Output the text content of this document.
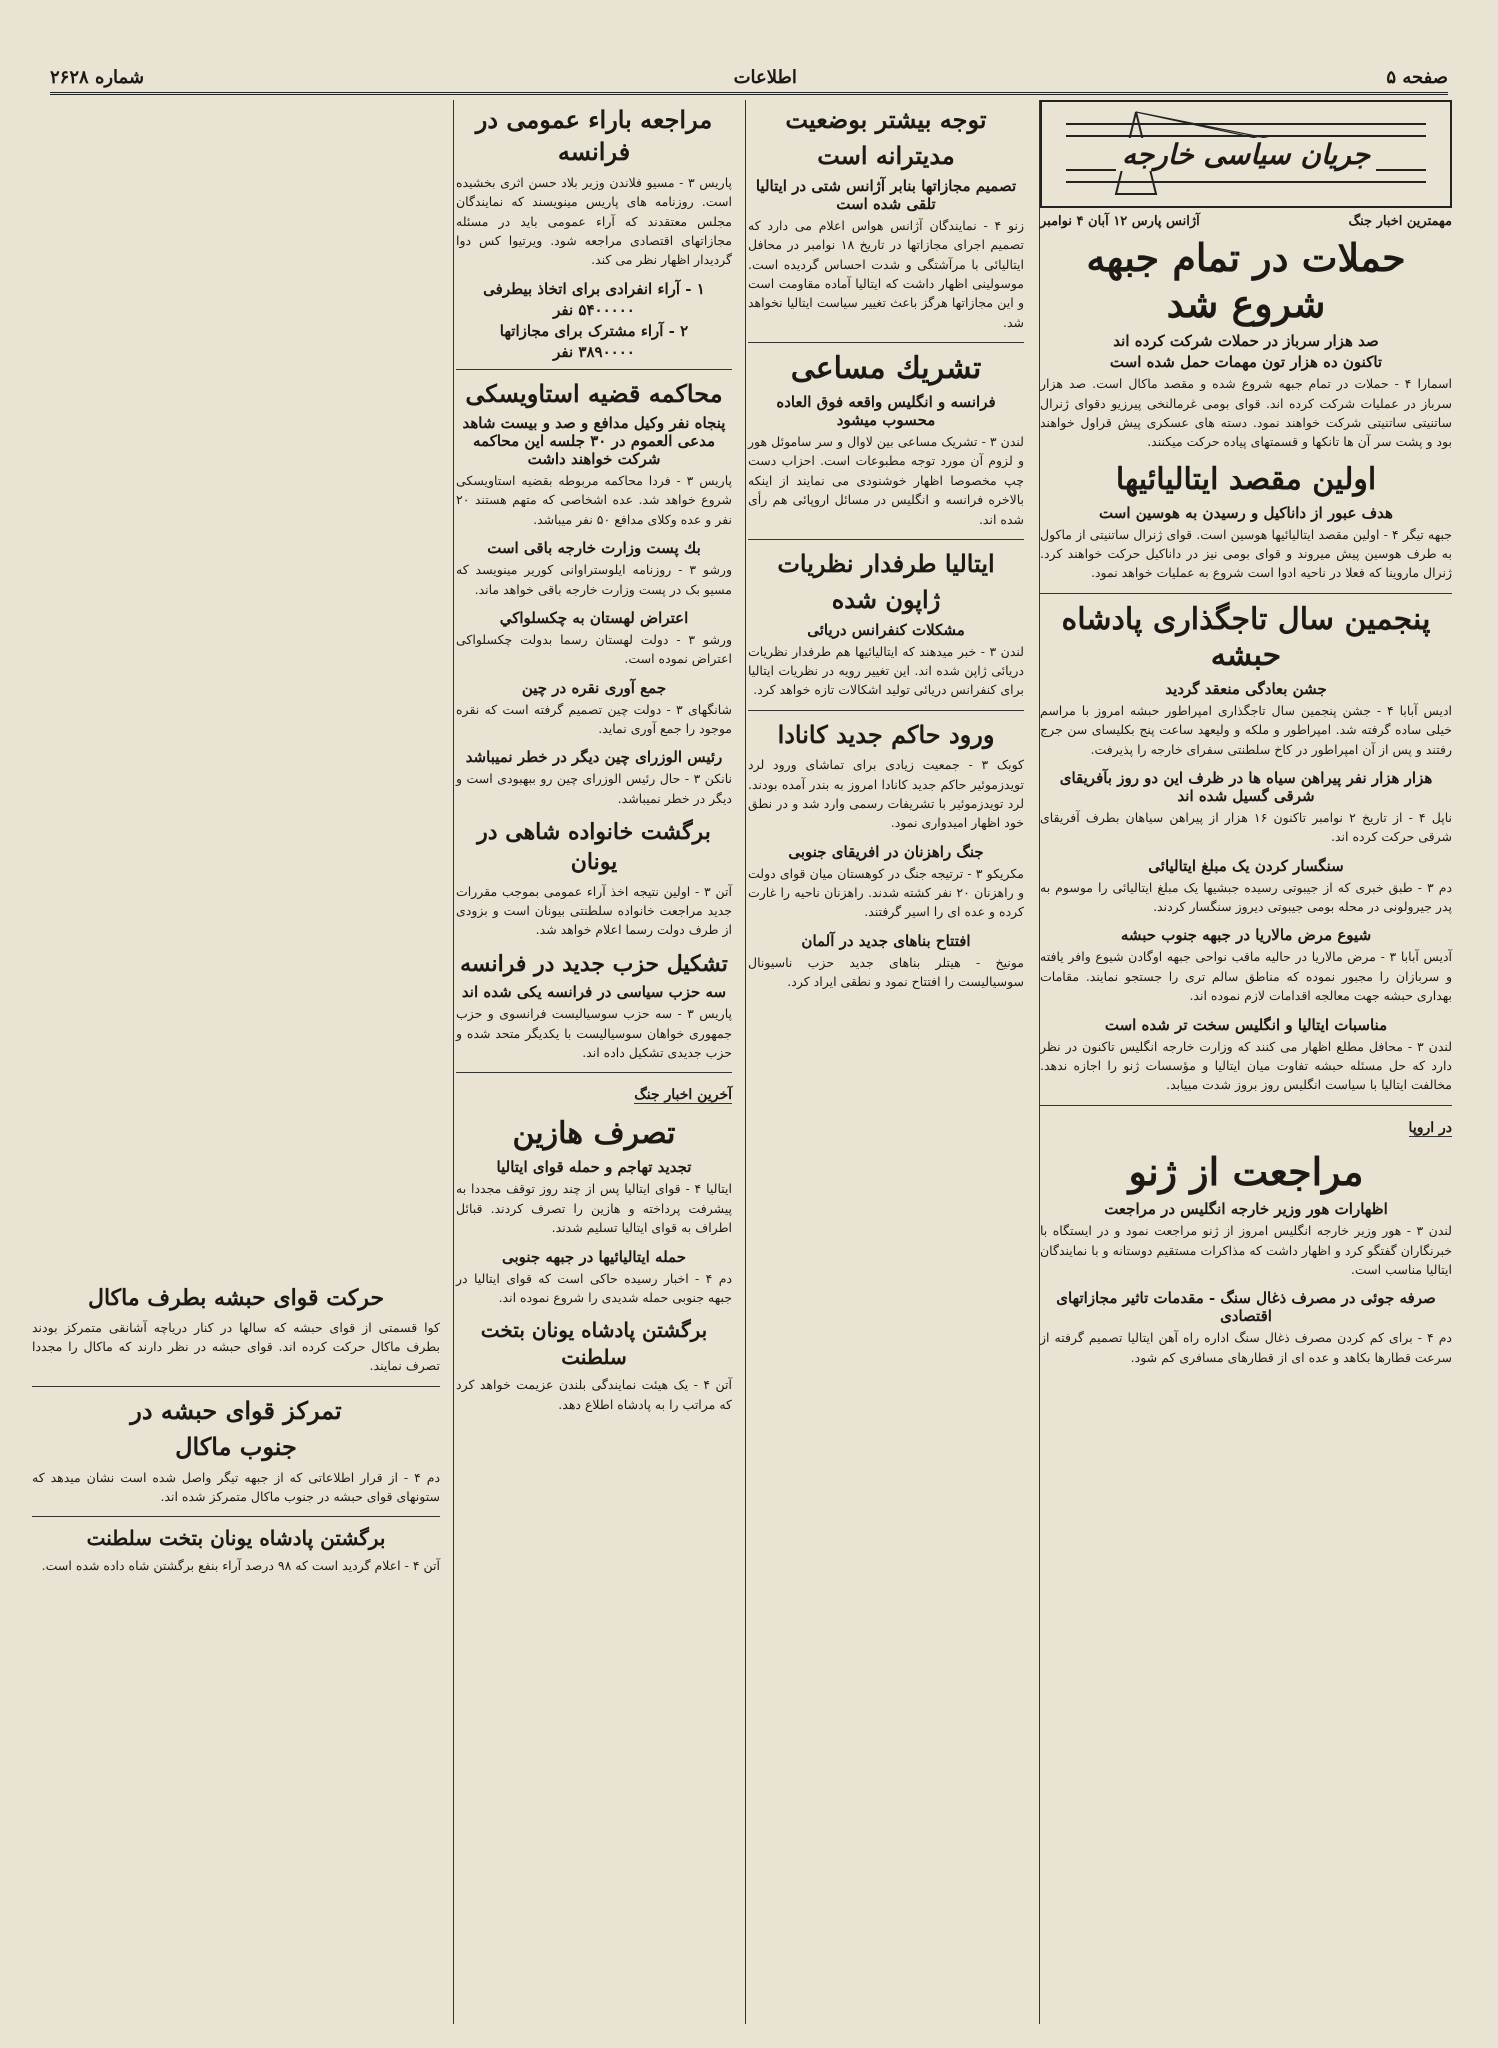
صفحه ۵
اطلاعات
شماره ۲۶۲۸
جریان سیاسی خارجه
مهمترین اخبار جنگ
آژانس پارس ۱۲ آبان ۴ نوامبر
حملات در تمام جبهه شروع شد
صد هزار سرباز در حملات شرکت کرده اند
تاکنون ده هزار تون مهمات حمل شده است
اسمارا ۴ - حملات در تمام جبهه شروع شده و مقصد ماکال است. صد هزار سرباز در عملیات شرکت کرده اند. قوای بومی غرمالنخی پیرزیو دقوای ژنرال ساتنیتی ساتنیتی شرکت خواهند نمود. دسته های عسکری پیش قراول خواهند بود و پشت سر آن ها تانکها و قسمتهای پیاده حرکت میکنند.
اولین مقصد ایتالیائیها
هدف عبور از داناکیل و رسیدن به هوسین است
جبهه تیگر ۴ - اولین مقصد ایتالیائیها هوسین است. قوای ژنرال ساتنیتی از ماکول به طرف هوسین پیش میروند و قوای بومی نیز در داناکیل حرکت خواهند کرد. ژنرال ماروینا که فعلا در ناحیه ادوا است شروع به عملیات خواهد نمود.
پنجمین سال تاجگذاری پادشاه حبشه
جشن بعادگی منعقد گردید
ادیس آبابا ۴ - جشن پنجمین سال تاجگذاری امپراطور حبشه امروز با مراسم خیلی ساده گرفته شد. امپراطور و ملکه و ولیعهد ساعت پنج بکلیسای سن جرج رفتند و پس از آن امپراطور در کاخ سلطنتی سفرای خارجه را پذیرفت.
هزار هزار نفر پیراهن سیاه ها در ظرف این دو روز بآفریقای شرقی گسیل شده اند
ناپل ۴ - از تاریخ ۲ نوامبر تاکنون ۱۶ هزار از پیراهن سیاهان بطرف آفریقای شرقی حرکت کرده اند.
سنگسار کردن یک مبلغ ایتالیائی
دم ۳ - طبق خبری که از جیبوتی رسیده جبشیها یک مبلغ ایتالیائی را موسوم به پدر جیرولونی در محله بومی جیبوتی دیروز سنگسار کردند.
شیوع مرض مالاریا در جبهه جنوب حبشه
آدیس آبابا ۳ - مرض مالاریا در حالیه ماقب نواحی جبهه اوگادن شیوع وافر یافته و سربازان را مجبور نموده که مناطق سالم تری را جستجو نمایند. مقامات بهداری حبشه جهت معالجه اقدامات لازم نموده اند.
مناسبات ایتالیا و انگلیس سخت تر شده است
لندن ۳ - محافل مطلع اظهار می کنند که وزارت خارجه انگلیس تاکنون در نظر دارد که حل مسئله حبشه تفاوت میان ایتالیا و مؤسسات ژنو را اجازه ندهد. مخالفت ایتالیا با سیاست انگلیس روز بروز شدت مییابد.
در اروپا
مراجعت از ژنو
اظهارات هور وزیر خارجه انگلیس در مراجعت
لندن ۳ - هور وزیر خارجه انگلیس امروز از ژنو مراجعت نمود و در ایستگاه با خبرنگاران گفتگو کرد و اظهار داشت که مذاکرات مستقیم دوستانه و با نمایندگان ایتالیا مناسب است.
صرفه جوئی در مصرف ذغال سنگ - مقدمات تاثیر مجازاتهای اقتصادی
دم ۴ - برای کم کردن مصرف ذغال سنگ اداره راه آهن ایتالیا تصمیم گرفته از سرعت قطارها بکاهد و عده ای از قطارهای مسافری کم شود.
توجه بیشتر بوضعیت
مدیترانه است
تصمیم مجازاتها بنابر آژانس شتی در ایتالیا تلقی شده است
زنو ۴ - نمایندگان آژانس هواس اعلام می دارد که تصمیم اجرای مجازاتها در تاریخ ۱۸ نوامبر در محافل ایتالیائی با مرآشتگی و شدت احساس گردیده است. موسولینی اظهار داشت که ایتالیا آماده مقاومت است و این مجازاتها هرگز باعث تغییر سیاست ایتالیا نخواهد شد.
تشریك مساعی
فرانسه و انگلیس واقعه فوق العاده محسوب میشود
لندن ۳ - تشریک مساعی بین لاوال و سر ساموئل هور و لزوم آن مورد توجه مطبوعات است. احزاب دست چپ مخصوصا اظهار خوشنودی می نمایند از اینکه بالاخره فرانسه و انگلیس در مسائل اروپائی هم رأی شده اند.
ایتالیا طرفدار نظریات
ژاپون شده
مشکلات کنفرانس دریائی
لندن ۳ - خبر میدهند که ایتالیائیها هم طرفدار نظریات دریائی ژاپن شده اند. این تغییر رویه در نظریات ایتالیا برای کنفرانس دریائی تولید اشکالات تازه خواهد کرد.
ورود حاکم جدید کانادا
کوبک ۳ - جمعیت زیادی برای تماشای ورود لرد تویدزموئیر حاکم جدید کانادا امروز به بندر آمده بودند. لرد تویدزموئیر با تشریفات رسمی وارد شد و در نطق خود اظهار امیدواری نمود.
جنگ راهزنان در افریقای جنوبی
مکریکو ۳ - ترتیجه جنگ در کوهستان میان قوای دولت و راهزنان ۲۰ نفر کشته شدند. راهزنان ناحیه را غارت کرده و عده ای را اسیر گرفتند.
افتتاح بناهای جدید در آلمان
مونیخ - هیتلر بناهای جدید حزب ناسیونال سوسیالیست را افتتاح نمود و نطقی ایراد کرد.
مراجعه باراء عمومی در فرانسه
پاریس ۳ - مسیو فلاندن وزیر بلاد حسن اثری بخشیده است. روزنامه های پاریس مینویسند که نمایندگان مجلس معتقدند که آراء عمومی باید در مسئله مجازاتهای اقتصادی مراجعه شود. ویرتیوا کس دوا گردیدار اظهار نظر می کند.
۱ - آراء انفرادی برای اتخاذ بیطرفی
۵۴۰۰۰۰۰ نفر
۲ - آراء مشترک برای مجازاتها
۳۸۹۰۰۰۰ نفر
محاکمه قضیه استاویسکی
پنجاه نفر وکیل مدافع و صد و بیست شاهد مدعی العموم در ۳۰ جلسه این محاکمه شرکت خواهند داشت
پاریس ۳ - فردا محاکمه مربوطه بقضیه استاویسکی شروع خواهد شد. عده اشخاصی که متهم هستند ۲۰ نفر و عده وکلای مدافع ۵۰ نفر میباشد.
بك پست وزارت خارجه باقی است
ورشو ۳ - روزنامه ایلوستراوانی کوریر مینویسد که مسیو بک در پست وزارت خارجه باقی خواهد ماند.
اعتراض لهستان به چكسلواكي
ورشو ۳ - دولت لهستان رسما بدولت چکسلواکی اعتراض نموده است.
جمع آوری نقره در چین
شانگهای ۳ - دولت چین تصمیم گرفته است که نقره موجود را جمع آوری نماید.
رئیس الوزرای چین دیگر در خطر نمیباشد
نانکن ۳ - حال رئیس الوزرای چین رو ببهبودی است و دیگر در خطر نمیباشد.
برگشت خانواده شاهی در یونان
آتن ۳ - اولین نتیجه اخذ آراء عمومی بموجب مقررات جدید مراجعت خانواده سلطنتی بیونان است و بزودی از طرف دولت رسما اعلام خواهد شد.
تشکیل حزب جدید در فرانسه
سه حزب سیاسی در فرانسه یکی شده اند
پاریس ۳ - سه حزب سوسیالیست فرانسوی و حزب جمهوری خواهان سوسیالیست با یکدیگر متحد شده و حزب جدیدی تشکیل داده اند.
آخرین اخبار جنگ
تصرف هازین
تجدید تهاجم و حمله قوای ایتالیا
ایتالیا ۴ - قوای ایتالیا پس از چند روز توقف مجددا به پیشرفت پرداخته و هازین را تصرف کردند. قبائل اطراف به قوای ایتالیا تسلیم شدند.
حمله ایتالیائیها در جبهه جنوبی
دم ۴ - اخبار رسیده حاکی است که قوای ایتالیا در جبهه جنوبی حمله شدیدی را شروع نموده اند.
برگشتن پادشاه یونان بتخت سلطنت
آتن ۴ - یک هیئت نمایندگی بلندن عزیمت خواهد کرد که مراتب را به پادشاه اطلاع دهد.
حرکت قوای حبشه بطرف ماکال
کوا قسمتی از قوای حبشه که سالها در کنار دریاچه آشانقی متمرکز بودند بطرف ماکال حرکت کرده اند. قوای حبشه در نظر دارند که ماکال را مجددا تصرف نمایند.
تمرکز قوای حبشه در
جنوب ماکال
دم ۴ - از قرار اطلاعاتی که از جبهه تیگر واصل شده است نشان میدهد که ستونهای قوای حبشه در جنوب ماکال متمرکز شده اند.
برگشتن پادشاه یونان بتخت سلطنت
آتن ۴ - اعلام گردید است که ۹۸ درصد آراء بنفع برگشتن شاه داده شده است.
